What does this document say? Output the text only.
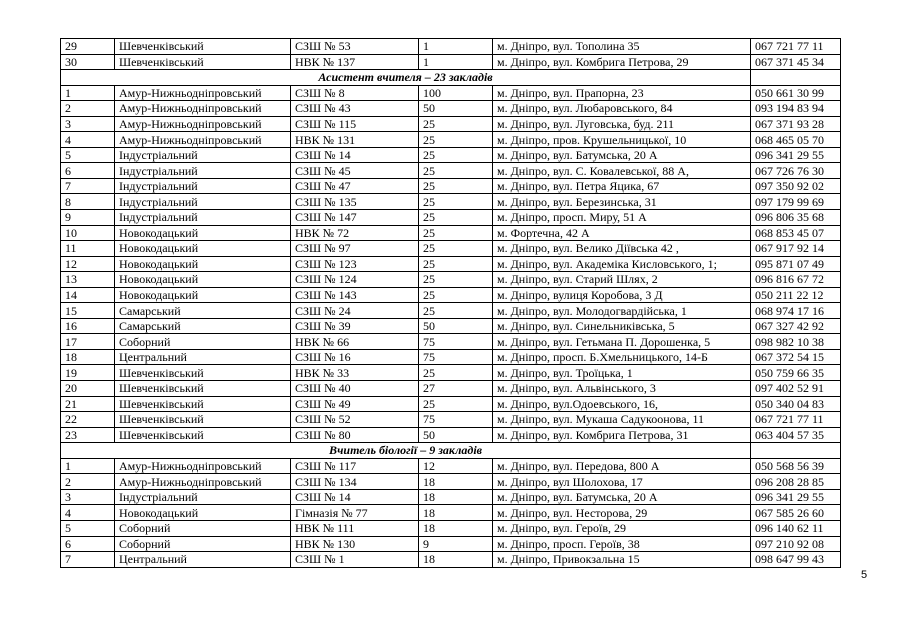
29	Шевченківський	СЗШ № 53	1	м. Дніпро, вул. Тополина 35	067 721 77 11
30	Шевченківський	НВК № 137	1	м. Дніпро, вул. Комбрига Петрова, 29	067 371 45 34
Асистент вчителя – 23 закладів					
1	Амур-Нижньодніпровський	СЗШ № 8	100	м. Дніпро, вул. Прапорна, 23	050 661 30 99
2	Амур-Нижньодніпровський	СЗШ № 43	50	м. Дніпро, вул. Любаровського, 84	093 194 83 94
3	Амур-Нижньодніпровський	СЗШ № 115	25	м. Дніпро, вул. Луговська, буд. 211	067 371 93 28
4	Амур-Нижньодніпровський	НВК № 131	25	м. Дніпро, пров. Крушельницької, 10	068 465 05 70
5	Індустріальний	СЗШ № 14	25	м. Дніпро, вул. Батумська, 20 А	096 341 29 55
6	Індустріальний	СЗШ № 45	25	м. Дніпро, вул. С. Ковалевської, 88 А,	067 726 76 30
7	Індустріальний	СЗШ № 47	25	м. Дніпро, вул. Петра Яцика, 67	097 350 92 02
8	Індустріальний	СЗШ № 135	25	м. Дніпро, вул. Березинська, 31	097 179 99 69
9	Індустріальний	СЗШ № 147	25	м. Дніпро, просп. Миру, 51 А	096 806 35 68
10	Новокодацький	НВК № 72	25	м. Фортечна, 42 А	068 853 45 07
11	Новокодацький	СЗШ № 97	25	м. Дніпро, вул. Велико Діївська 42 ,	067 917 92 14
12	Новокодацький	СЗШ № 123	25	м. Дніпро, вул. Академіка Кисловського, 1;	095 871 07 49
13	Новокодацький	СЗШ № 124	25	м. Дніпро, вул. Старий Шлях, 2	096 816 67 72
14	Новокодацький	СЗШ № 143	25	м. Дніпро, вулиця Коробова, 3 Д	050 211 22 12
15	Самарський	СЗШ № 24	25	м. Дніпро, вул. Молодогвардійська, 1	068 974 17 16
16	Самарський	СЗШ № 39	50	м. Дніпро, вул. Синельниківська, 5	067 327 42 92
17	Соборний	НВК № 66	75	м. Дніпро, вул. Гетьмана П. Дорошенка, 5	098 982 10 38
18	Центральний	СЗШ № 16	75	м. Дніпро, просп. Б.Хмельницького, 14-Б	067 372 54 15
19	Шевченківський	НВК № 33	25	м. Дніпро, вул. Троїцька, 1	050 759 66 35
20	Шевченківський	СЗШ № 40	27	м. Дніпро, вул. Альвінського, 3	097 402 52 91
21	Шевченківський	СЗШ № 49	25	м. Дніпро, вул.Одоевського, 16,	050 340 04 83
22	Шевченківський	СЗШ № 52	75	м. Дніпро, вул. Мукаша Садукоонова, 11	067 721 77 11
23	Шевченківський	СЗШ № 80	50	м. Дніпро, вул. Комбрига Петрова, 31	063 404 57 35
Вчитель біології – 9 закладів					
1	Амур-Нижньодніпровський	СЗШ № 117	12	м. Дніпро, вул. Передова, 800 А	050 568 56 39
2	Амур-Нижньодніпровський	СЗШ № 134	18	м. Дніпро, вул Шолохова, 17	096 208 28 85
3	Індустріальний	СЗШ № 14	18	м. Дніпро, вул. Батумська, 20 А	096 341 29 55
4	Новокодацький	Гімназія № 77	18	м. Дніпро, вул. Несторова, 29	067 585 26 60
5	Соборний	НВК № 111	18	м. Дніпро, вул. Героїв, 29	096 140 62 11
6	Соборний	НВК № 130	9	м. Дніпро, просп. Героїв, 38	097 210 92 08
7	Центральний	СЗШ № 1	18	м. Дніпро, Привокзальна 15	098 647 99 43
5
